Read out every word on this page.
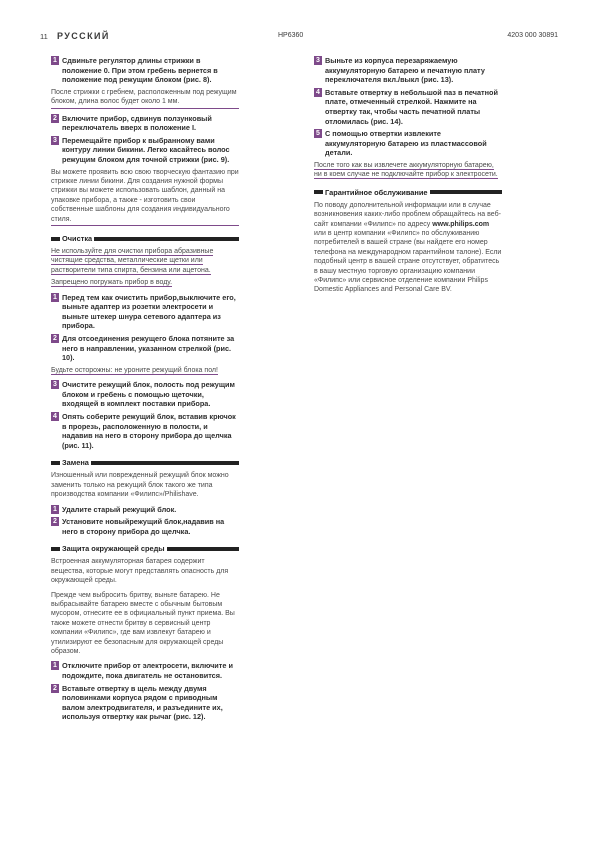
11 РУССКИЙ	HP6360	4203 000 30891
1 Сдвиньте регулятор длины стрижки в положение 0. При этом гребень вернется в положение под режущим блоком (рис. 8).
После стрижки с гребнем, расположенным под режущим блоком, длина волос будет около 1 мм.
2 Включите прибор, сдвинув ползунковый переключатель вверх в положение I.
3 Перемещайте прибор к выбранному вами контуру линии бикини. Легко касайтесь волос режущим блоком для точной стрижки (рис. 9).
Вы можете проявить всю свою творческую фантазию при стрижке линии бикини. Для создания нужной формы стрижки вы можете использовать шаблон, данный на упаковке прибора, а также - изготовить свои собственные шаблоны для создания индивидуального стиля.
Очистка
Не используйте для очистки прибора абразивные чистящие средства, металлические щетки или растворители типа спирта, бензина или ацетона.
Запрещено погружать прибор в воду.
1 Перед тем как очистить прибор,выключите его, выньте адаптер из розетки электросети и выньте штекер шнура сетевого адаптера из прибора.
2 Для отсоединения режущего блока потяните за него в направлении, указанном стрелкой (рис. 10).
Будьте осторожны: не уроните режущий блока пол!
3 Очистите режущий блок, полость под режущим блоком и гребень с помощью щеточки, входящей в комплект поставки прибора.
4 Опять соберите режущий блок, вставив крючок в прорезь, расположенную в полости, и надавив на него в сторону прибора до щелчка (рис. 11).
Замена
Изношенный или поврежденный режущий блок можно заменить только на режущий блок такого же типа производства компании «Филипс»/Philishave.
1 Удалите старый режущий блок.
2 Установите новыйрежущий блок,надавив на него в сторону прибора до щелчка.
Защита окружающей среды
Встроенная аккумуляторная батарея содержит вещества, которые могут представлять опасность для окружающей среды.
Прежде чем выбросить бритву, выньте батарею. Не выбрасывайте батарею вместе с обычным бытовым мусором, отнесите ее в официальный пункт приема. Вы также можете отнести бритву в сервисный центр компании «Филипс», где вам извлекут батарею и утилизируют ее безопасным для окружающей среды образом.
1 Отключите прибор от электросети, включите и подождите, пока двигатель не остановится.
2 Вставьте отвертку в щель между двумя половинками корпуса рядом с приводным валом электродвигателя, и разъедините их, используя отвертку как рычаг (рис. 12).
3 Выньте из корпуса перезаряжаемую аккумуляторную батарею и печатную плату переключателя вкл./выкл (рис. 13).
4 Вставьте отвертку в небольшой паз в печатной плате, отмеченный стрелкой. Нажмите на отвертку так, чтобы часть печатной платы отломилась (рис. 14).
5 С помощью отвертки извлеките аккумуляторную батарею из пластмассовой детали.
После того как вы извлечете аккумуляторную батарею, ни в коем случае не подключайте прибор к электросети.
Гарантийное обслуживание
По поводу дополнительной информации или в случае возникновения каких-либо проблем обращайтесь на веб-сайт компании «Филипс» по адресу www.philips.com или в центр компании «Филипс» по обслуживанию потребителей в вашей стране (вы найдете его номер телефона на международном гарантийном талоне). Если подобный центр в вашей стране отсутствует, обратитесь в вашу местную торговую организацию компании «Филипс» или сервисное отделение компании Philips Domestic Appliances and Personal Care BV.
